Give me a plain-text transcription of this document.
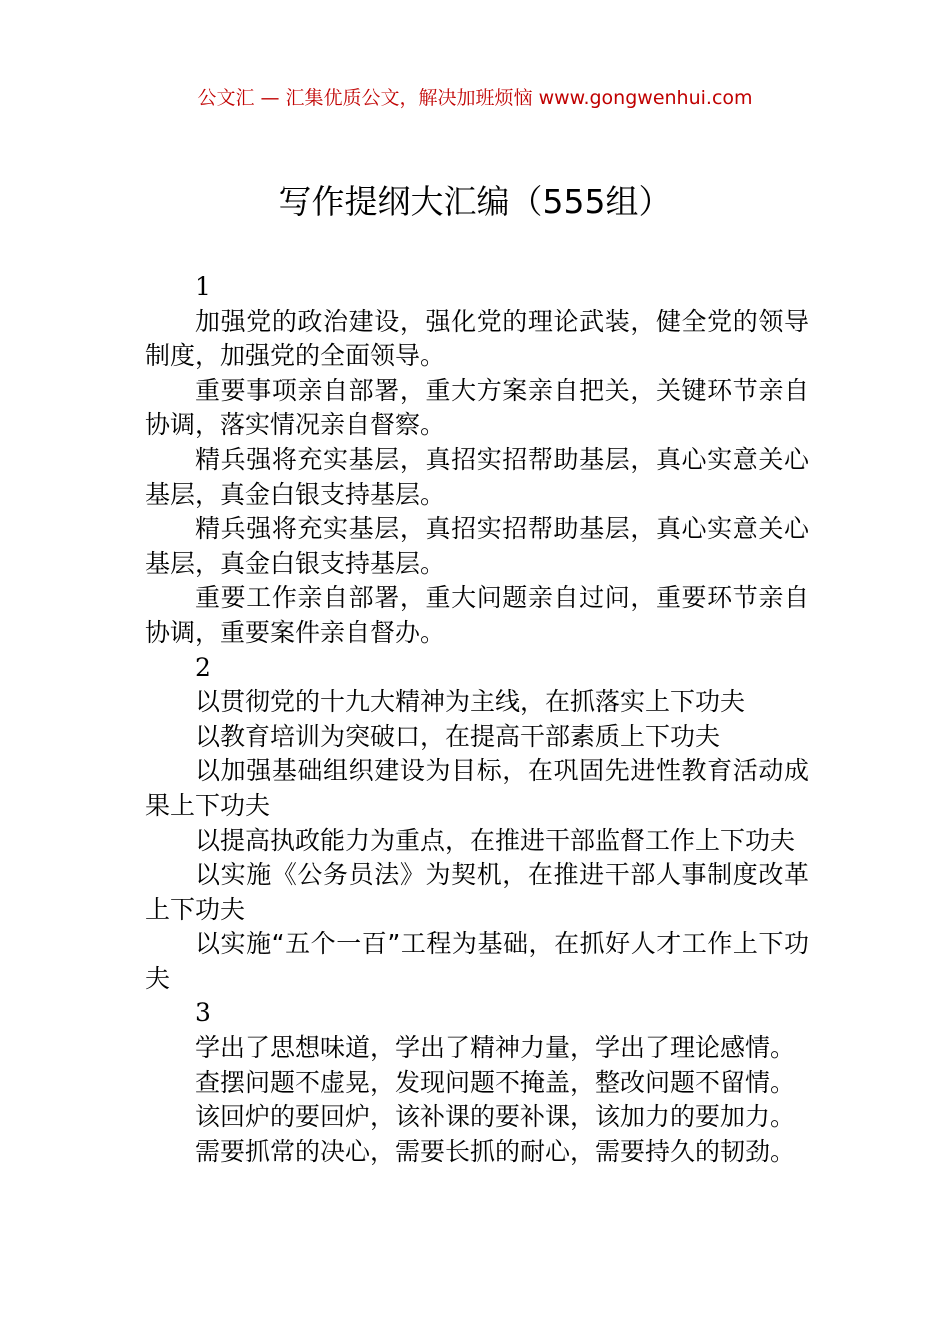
公文汇 — 汇集优质公文，解决加班烦恼 www.gongwenhui.com
写作提纲大汇编（555组）

1

加强党的政治建设，强化党的理论武装，健全党的领导制度，加强党的全面领导。

重要事项亲自部署，重大方案亲自把关，关键环节亲自协调，落实情况亲自督察。

精兵强将充实基层，真招实招帮助基层，真心实意关心基层，真金白银支持基层。

精兵强将充实基层，真招实招帮助基层，真心实意关心基层，真金白银支持基层。

重要工作亲自部署，重大问题亲自过问，重要环节亲自协调，重要案件亲自督办。

2

以贯彻党的十九大精神为主线，在抓落实上下功夫

以教育培训为突破口，在提高干部素质上下功夫

以加强基础组织建设为目标，在巩固先进性教育活动成果上下功夫

以提高执政能力为重点，在推进干部监督工作上下功夫

以实施《公务员法》为契机，在推进干部人事制度改革上下功夫

以实施“五个一百”工程为基础，在抓好人才工作上下功夫

3

学出了思想味道，学出了精神力量，学出了理论感情。

查摆问题不虚晃，发现问题不掩盖，整改问题不留情。

该回炉的要回炉，该补课的要补课，该加力的要加力。

需要抓常的决心，需要长抓的耐心，需要持久的韧劲。
